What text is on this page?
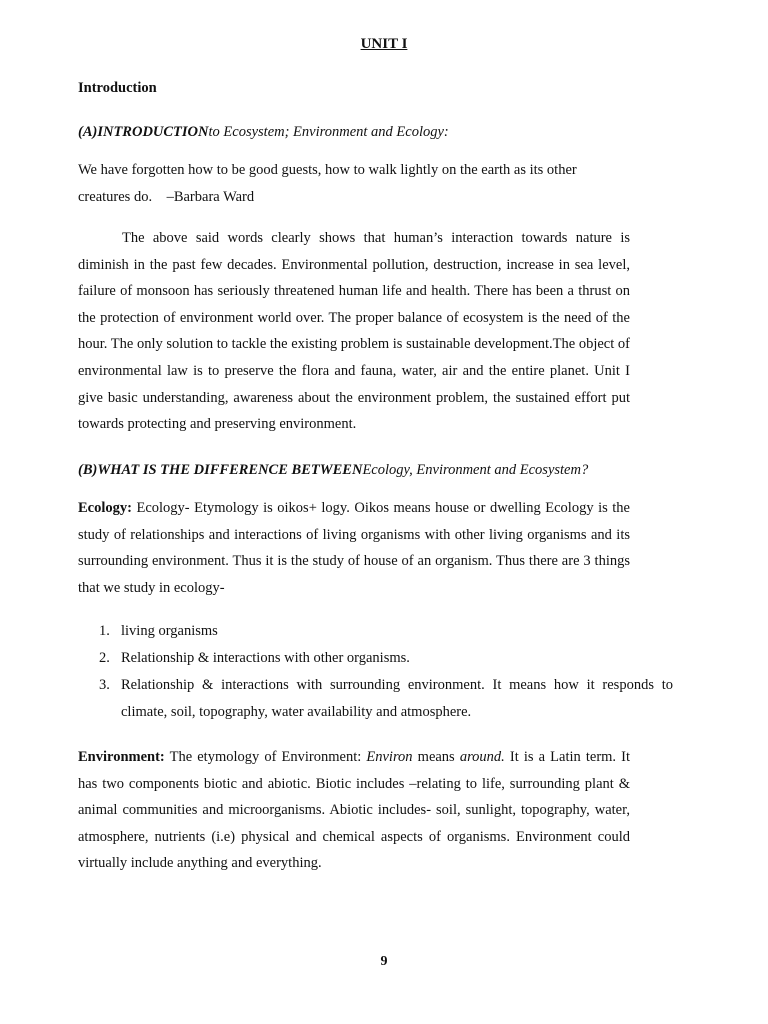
UNIT I
Introduction
(A)INTRODUCTIONto Ecosystem; Environment and Ecology:
We have forgotten how to be good guests, how to walk lightly on the earth as its other
creatures do. –Barbara Ward

The above said words clearly shows that human’s interaction towards nature is diminish in the past few decades. Environmental pollution, destruction, increase in sea level, failure of monsoon has seriously threatened human life and health. There has been a thrust on the protection of environment world over. The proper balance of ecosystem is the need of the hour. The only solution to tackle the existing problem is sustainable development.The object of environmental law is to preserve the flora and fauna, water, air and the entire planet. Unit I give basic understanding, awareness about the environment problem, the sustained effort put towards protecting and preserving environment.

(B)WHAT IS THE DIFFERENCE BETWEENEcology, Environment and Ecosystem?

Ecology: Ecology- Etymology is oikos+ logy. Oikos means house or dwelling Ecology is the study of relationships and interactions of living organisms with other living organisms and its surrounding environment. Thus it is the study of house of an organism. Thus there are 3 things that we study in ecology-

1. living organisms
2. Relationship & interactions with other organisms.
3. Relationship & interactions with surrounding environment. It means how it responds to climate, soil, topography, water availability and atmosphere.

Environment: The etymology of Environment: Environ means around. It is a Latin term. It has two components biotic and abiotic. Biotic includes –relating to life, surrounding plant & animal communities and microorganisms. Abiotic includes- soil, sunlight, topography, water, atmosphere, nutrients (i.e) physical and chemical aspects of organisms. Environment could virtually include anything and everything.

9
